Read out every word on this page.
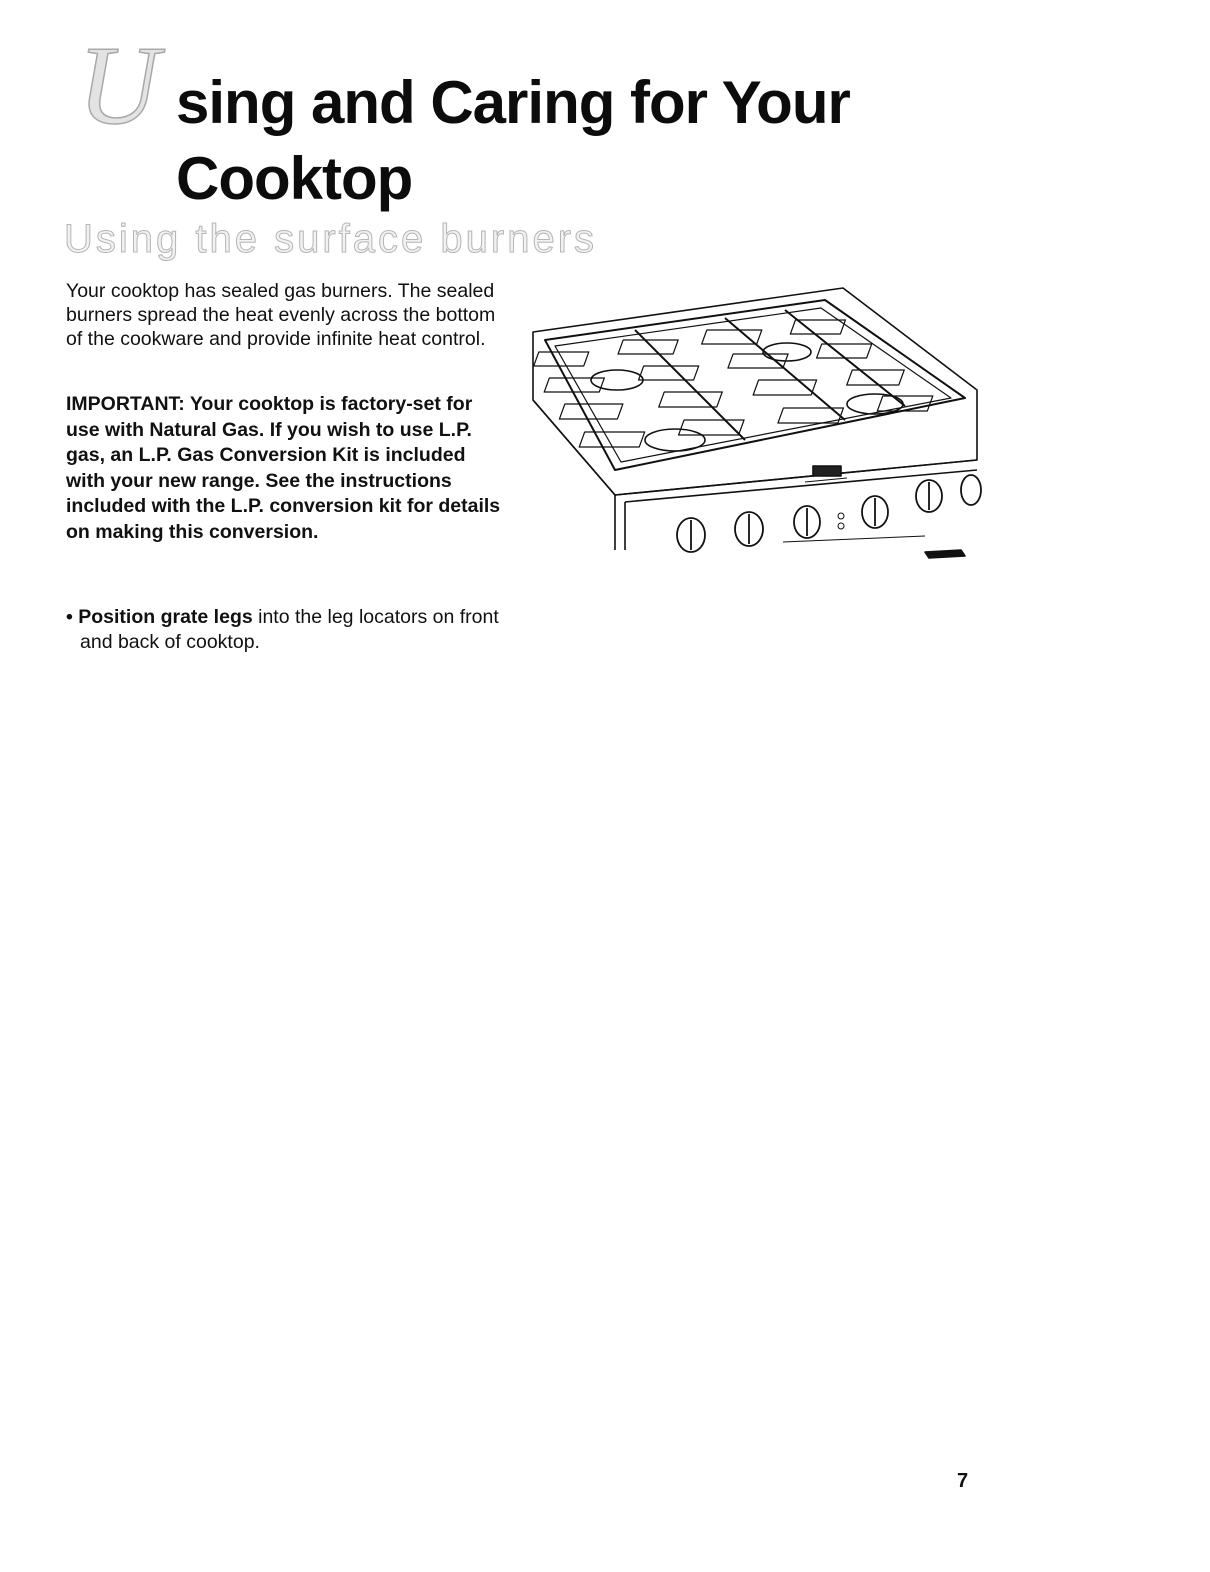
U sing and Caring for Your
Cooktop
Using the surface burners

Your cooktop has sealed gas burners. The sealed burners spread the heat evenly across the bottom of the cookware and provide infinite heat control.

IMPORTANT: Your cooktop is factory-set for use with Natural Gas. If you wish to use L.P. gas, an L.P. Gas Conversion Kit is included with your new range. See the instructions included with the L.P. conversion kit for details on making this conversion.

• Position grate legs into the leg locators on front and back of cooktop.
7
